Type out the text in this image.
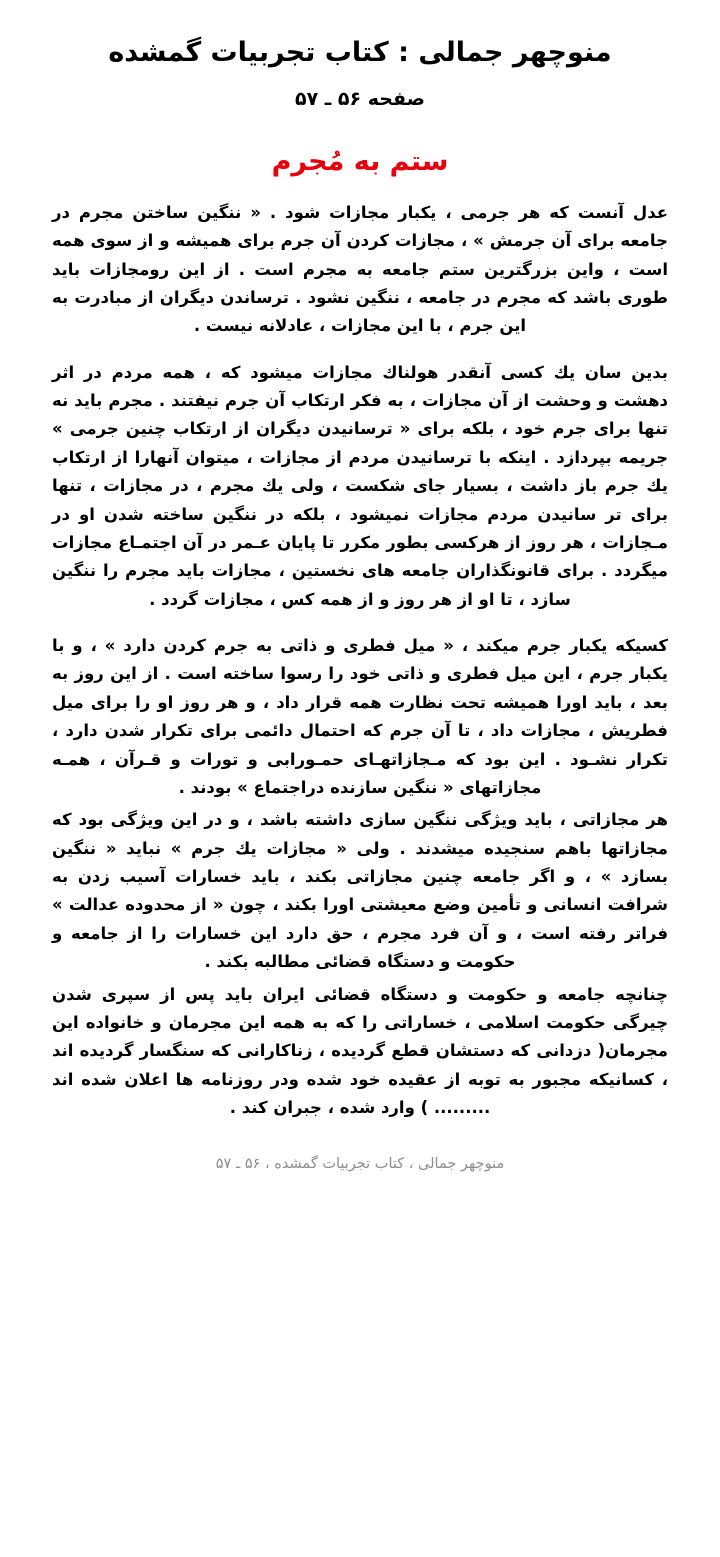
منوچهر جمالی : کتاب تجربیات گمشده
صفحه ۵۶ ـ ۵۷
ستم به مُجرم

عدل آنست که هر جرمی ، یکبار مجازات شود . « ننگین ساختن مجرم در جامعه برای آن جرمش » ، مجازات کردن آن جرم برای همیشه و از سوی همه است ، واین بزرگترین ستم جامعه به مجرم است . از این رومجازات باید طوری باشد که مجرم در جامعه ، ننگین نشود . ترساندن دیگران از مبادرت به این جرم ، با این مجازات ، عادلانه نیست .

بدین سان یك كسی آنقدر هولناك مجازات میشود که ، همه مردم در اثر دهشت و وحشت از آن مجازات ، به فکر ارتکاب آن جرم نیفتند . مجرم باید نه تنها برای جرم خود ، بلكه برای « ترسانیدن دیگران از ارتکاب چنین جرمی » جریمه بپردازد . اینکه با ترسانیدن مردم از مجازات ، میتوان آنهارا از ارتکاب یك جرم باز داشت ، بسیار جای شکست ، ولی یك مجرم ، در مجازات ، تنها برای تر سانیدن مردم مجازات نمیشود ، بلكه در ننگین ساخته شدن او در مـجازات ، هر روز از هرکسی بطور مکرر تا پایان عـمر در آن اجتمـاع مجازات میگردد . برای قانونگذاران جامعه های نخستین ، مجازات باید مجرم را ننگین سازد ، تا او از هر روز و از همه کس ، مجازات گردد .

کسیکه یکبار جرم میکند ، « میل فطری و ذاتی به جرم کردن دارد » ، و با یکبار جرم ، این میل فطری و ذاتی خود را رسوا ساخته است . از این روز به بعد ، باید اورا همیشه تحت نظارت همه قرار داد ، و هر روز او را برای میل فطریش ، مجازات داد ، تا آن جرم که احتمال دائمی برای تکرار شدن دارد ، تکرار نشـود . این بود که مـجازاتهـای حمـورابی و تورات و قـرآن ، همـه مجازاتهای « ننگین سازنده دراجتماع » بودند .

هر مجازاتی ، باید ویژگی ننگین سازی داشته باشد ، و در این ویژگی بود که مجازاتها باهم سنجیده میشدند . ولی « مجازات یك جرم » نباید « ننگین بسازد » ، و اگر جامعه چنین مجازاتی بکند ، باید خسارات آسیب زدن به شرافت انسانی و تأمین وضع معیشتی اورا بکند ، چون « از محدوده عدالت » فراتر رفته است ، و آن فرد مجرم ، حق دارد این خسارات را از جامعه و حکومت و دستگاه قضائی مطالبه بکند .

چنانچه جامعه و حکومت و دستگاه قضائی ایران باید پس از سپری شدن چیرگی حکومت اسلامی ، خساراتی را که به همه این مجرمان و خانواده این مجرمان( دزدانی که دستشان قطع گردیده ، زناکارانی که سنگسار گردیده اند ، کسانیکه مجبور به توبه از عقیده خود شده ودر روزنامه ها اعلان شده اند ......... ) وارد شده ، جبران کند .

منوچهر جمالی ، کتاب تجربیات گمشده ، ۵۶ ـ ۵۷
